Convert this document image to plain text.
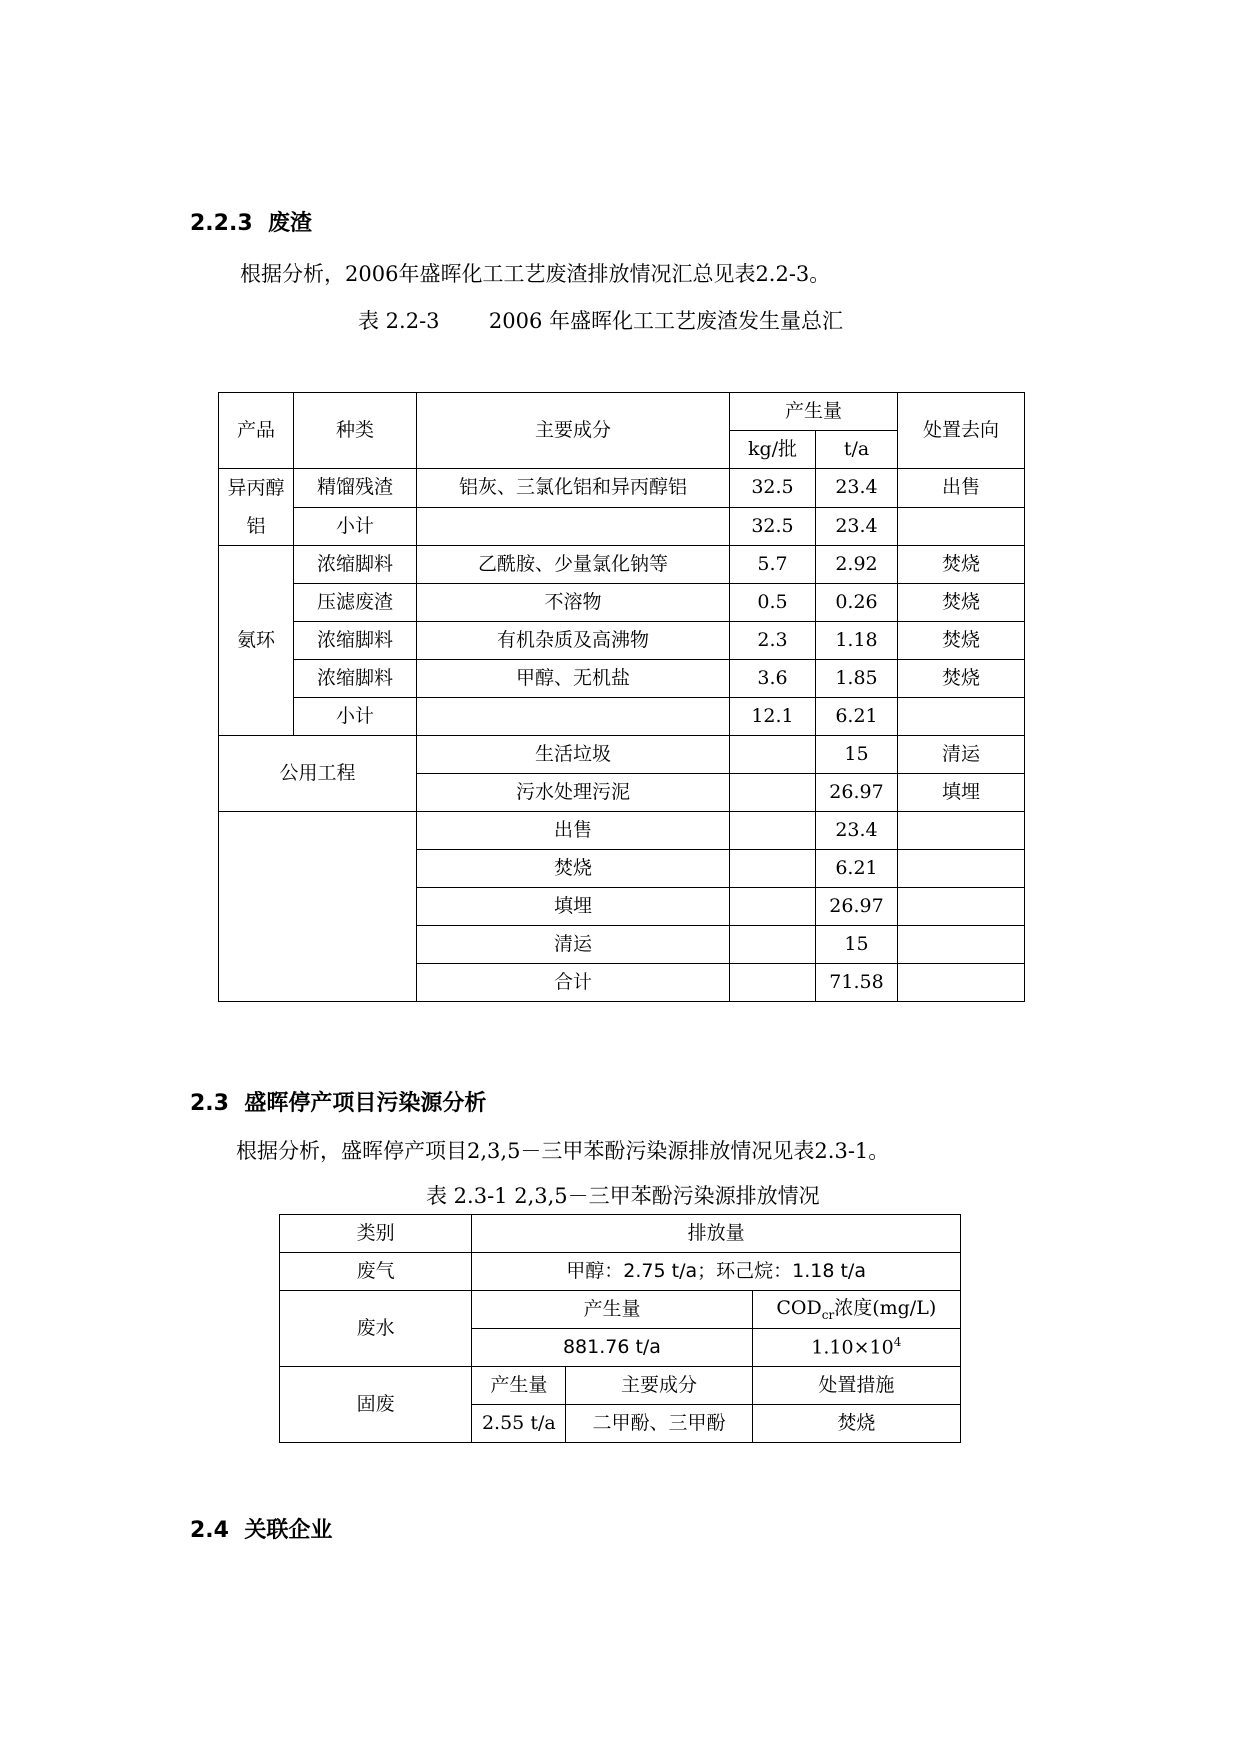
2.2.3 废渣
根据分析，2006年盛晖化工工艺废渣排放情况汇总见表2.2-3。
表 2.2-3 2006 年盛晖化工工艺废渣发生量总汇
产品	种类	主要成分	产生量		处置去向
			kg/批	t/a	
异丙醇铝	精馏残渣	铝灰、三氯化铝和异丙醇铝	32.5	23.4	出售
	小计		32.5	23.4	
氨环	浓缩脚料	乙酰胺、少量氯化钠等	5.7	2.92	焚烧
	压滤废渣	不溶物	0.5	0.26	焚烧
	浓缩脚料	有机杂质及高沸物	2.3	1.18	焚烧
	浓缩脚料	甲醇、无机盐	3.6	1.85	焚烧
	小计		12.1	6.21	
公用工程		生活垃圾		15	清运
		污水处理污泥		26.97	填埋
		出售		23.4	
		焚烧		6.21	
		填埋		26.97	
		清运		15	
		合计		71.58	
2.3 盛晖停产项目污染源分析
根据分析，盛晖停产项目2,3,5－三甲苯酚污染源排放情况见表2.3-1。
表 2.3-1 2,3,5－三甲苯酚污染源排放情况
类别	排放量		
废气	甲醇：2.75 t/a；环己烷：1.18 t/a		
废水	产生量		$COD_{cr}$浓度(mg/L)
	881.76 t/a		$1.10\times 10^4$
固废	产生量	主要成分	处置措施
	2.55 t/a	二甲酚、三甲酚	焚烧
2.4 关联企业
